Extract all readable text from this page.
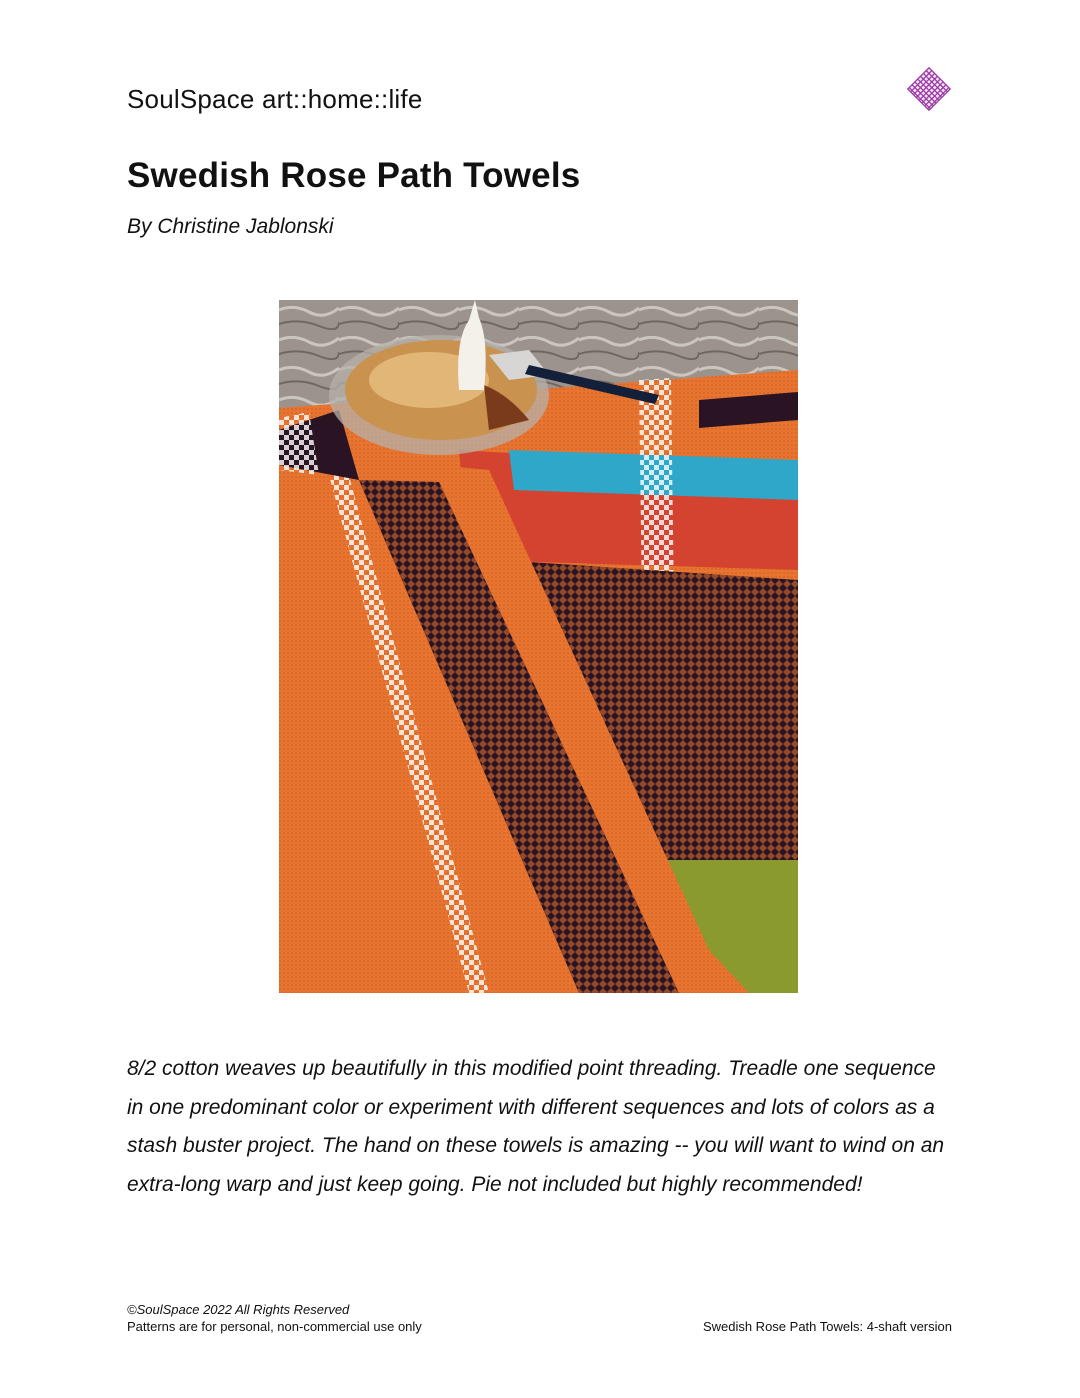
SoulSpace art::home::life
Swedish Rose Path Towels
By Christine Jablonski

8/2 cotton weaves up beautifully in this modified point threading. Treadle one sequence in one predominant color or experiment with different sequences and lots of colors as a stash buster project. The hand on these towels is amazing -- you will want to wind on an extra-long warp and just keep going. Pie not included but highly recommended!

©SoulSpace 2022 All Rights Reserved
Patterns are for personal, non-commercial use only	Swedish Rose Path Towels: 4-shaft version
